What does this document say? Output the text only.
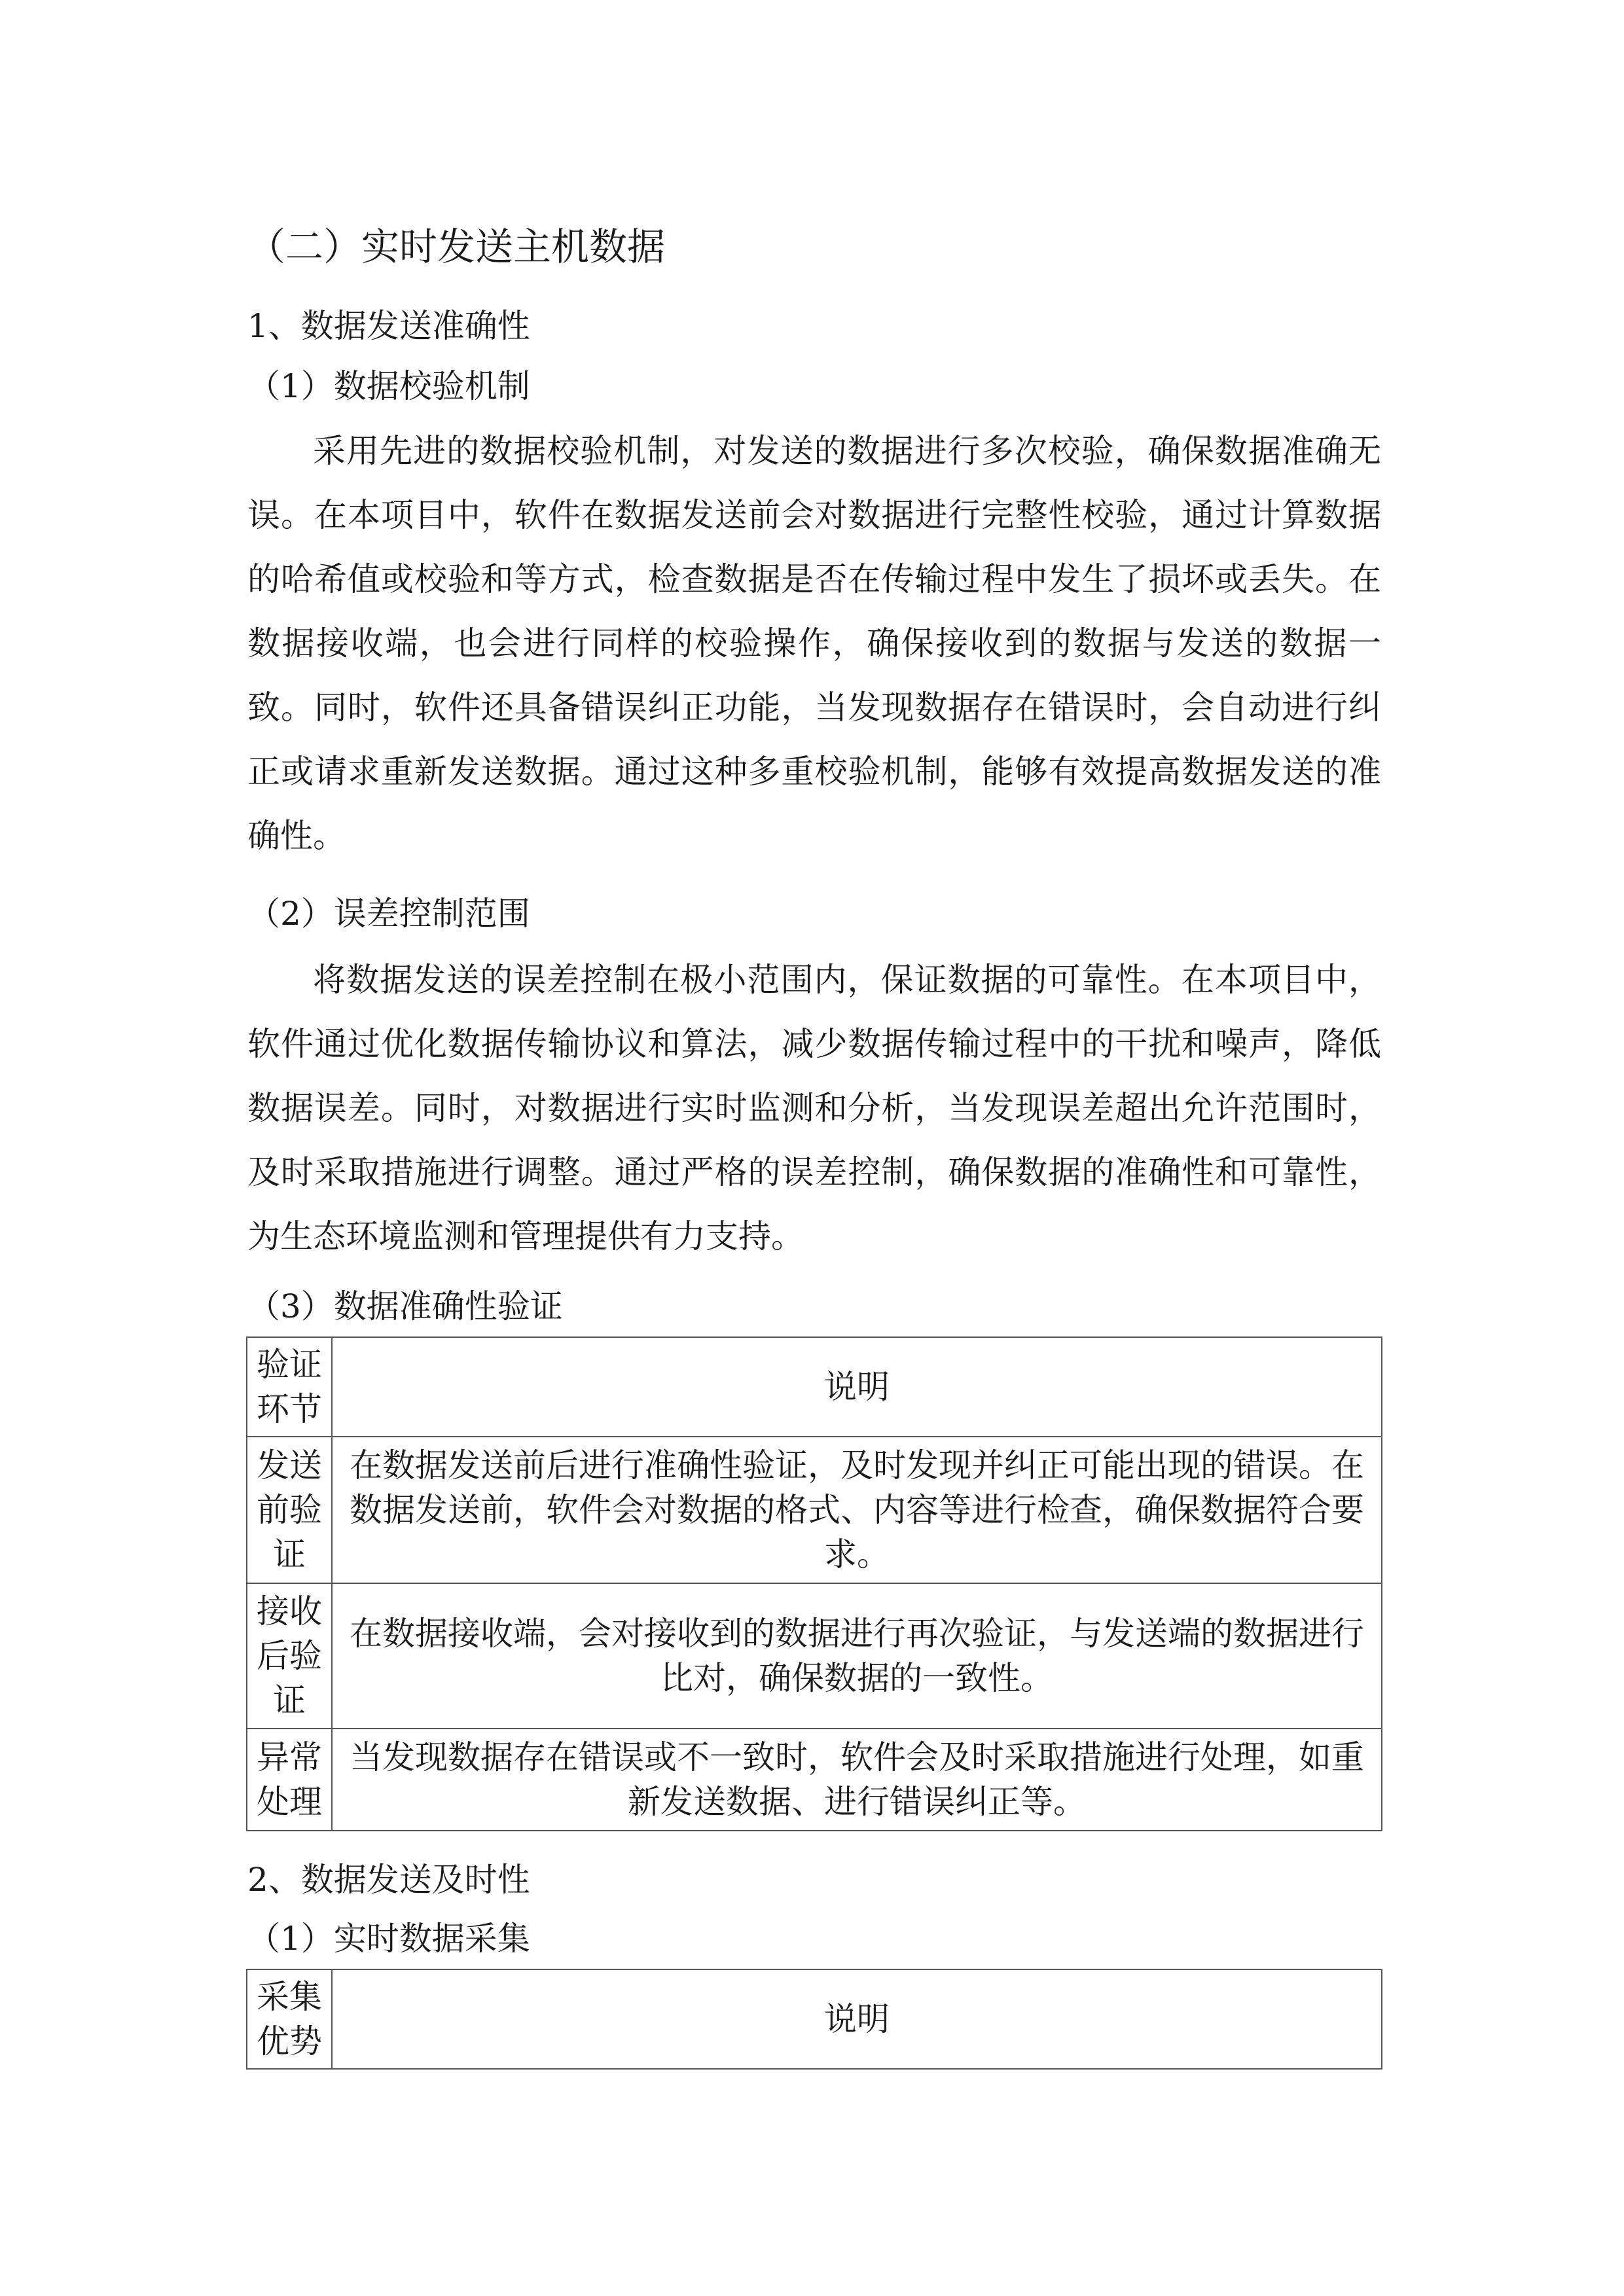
（二）实时发送主机数据
1、数据发送准确性
（1）数据校验机制
采用先进的数据校验机制，对发送的数据进行多次校验，确保数据准确无误。在本项目中，软件在数据发送前会对数据进行完整性校验，通过计算数据的哈希值或校验和等方式，检查数据是否在传输过程中发生了损坏或丢失。在数据接收端，也会进行同样的校验操作，确保接收到的数据与发送的数据一致。同时，软件还具备错误纠正功能，当发现数据存在错误时，会自动进行纠正或请求重新发送数据。通过这种多重校验机制，能够有效提高数据发送的准确性。
（2）误差控制范围
将数据发送的误差控制在极小范围内，保证数据的可靠性。在本项目中，软件通过优化数据传输协议和算法，减少数据传输过程中的干扰和噪声，降低数据误差。同时，对数据进行实时监测和分析，当发现误差超出允许范围时，及时采取措施进行调整。通过严格的误差控制，确保数据的准确性和可靠性，为生态环境监测和管理提供有力支持。
（3）数据准确性验证
验证环节	说明
发送前验证	在数据发送前后进行准确性验证，及时发现并纠正可能出现的错误。在数据发送前，软件会对数据的格式、内容等进行检查，确保数据符合要求。
接收后验证	在数据接收端，会对接收到的数据进行再次验证，与发送端的数据进行比对，确保数据的一致性。
异常处理	当发现数据存在错误或不一致时，软件会及时采取措施进行处理，如重新发送数据、进行错误纠正等。
2、数据发送及时性
（1）实时数据采集
采集优势	说明
